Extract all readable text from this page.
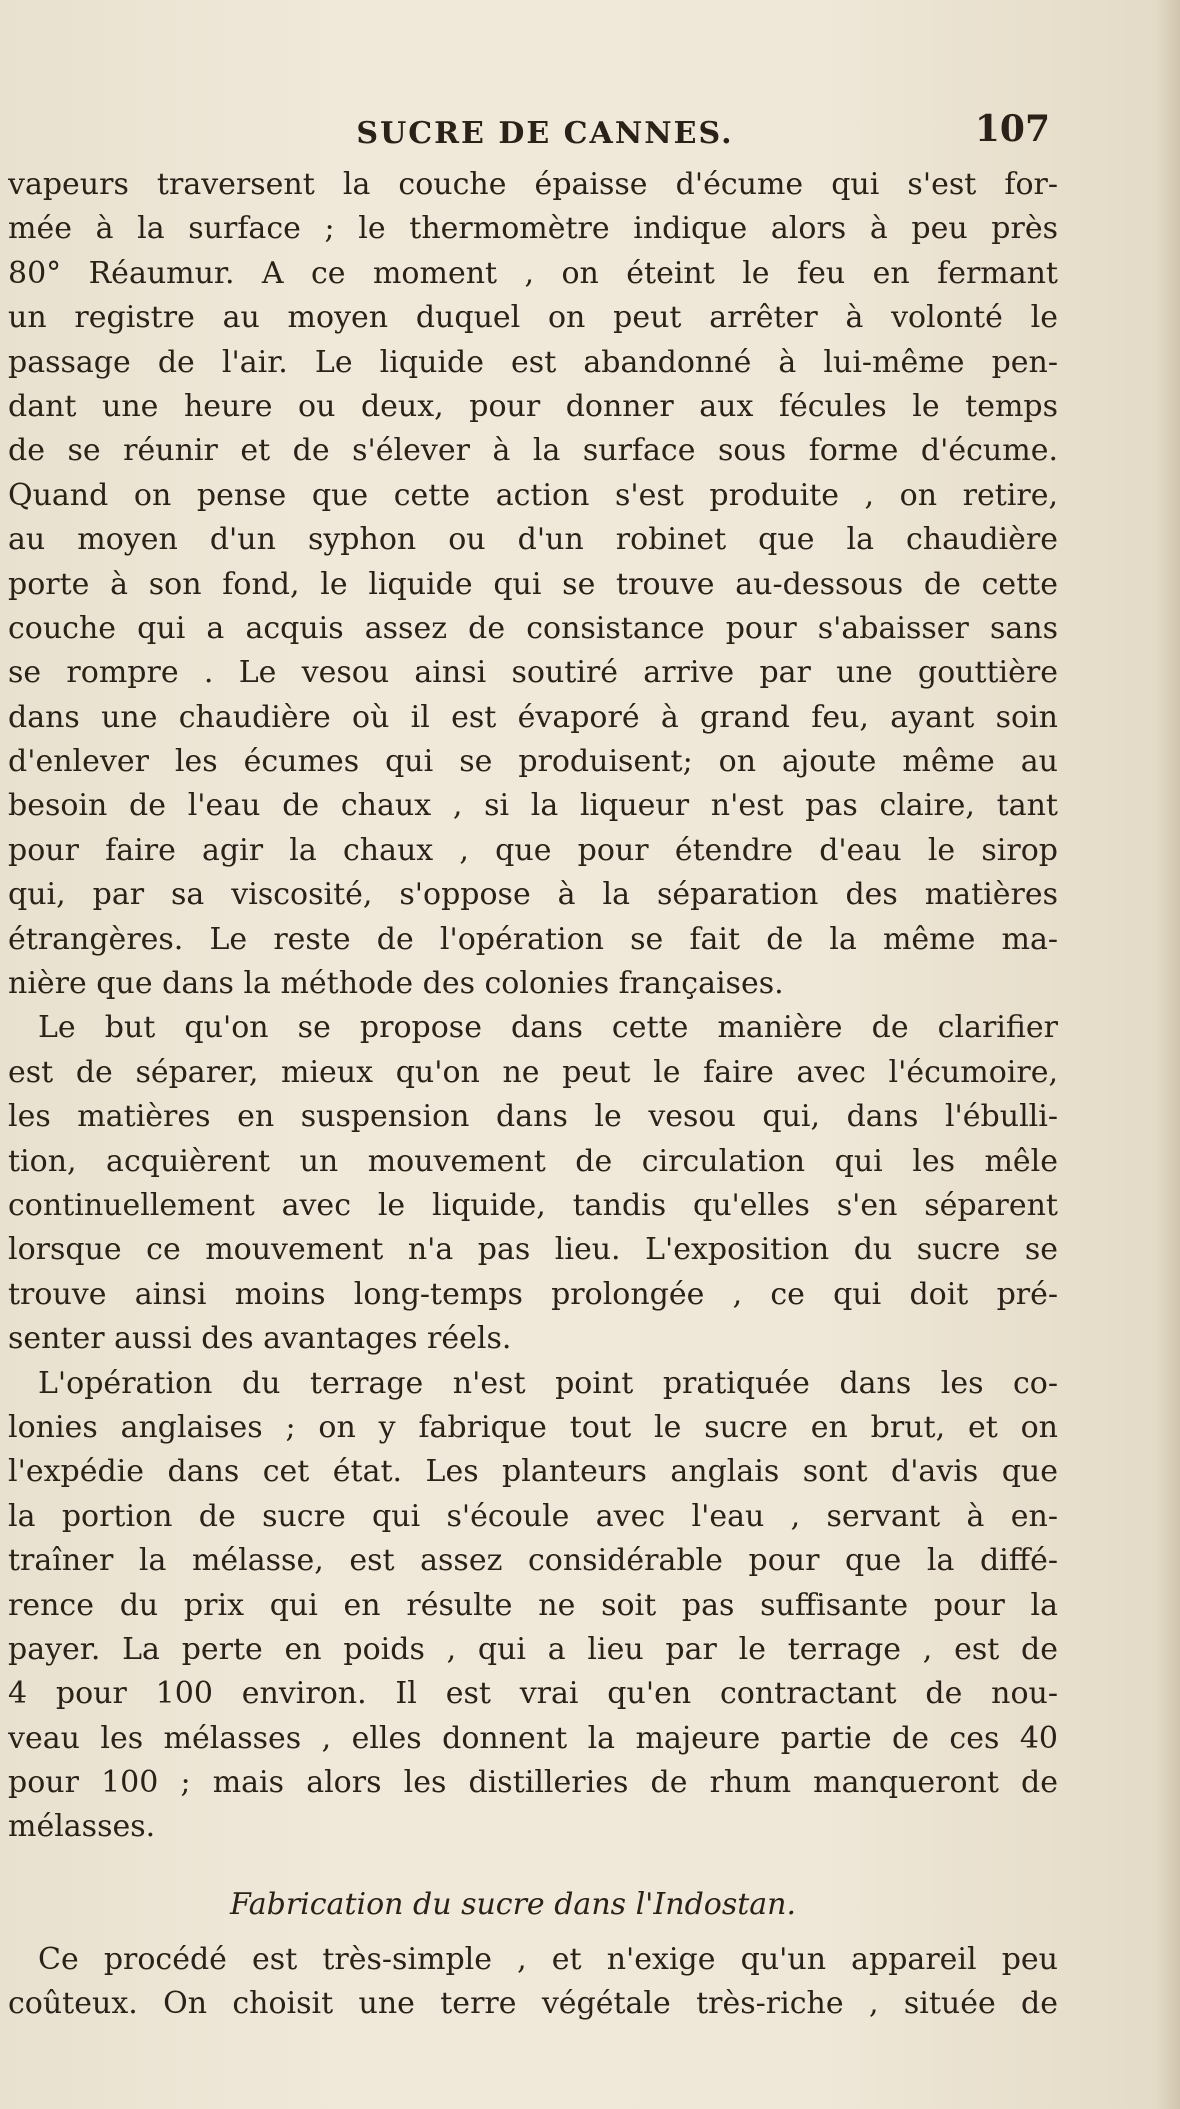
SUCRE DE CANNES.	107
vapeurs traversent la couche épaisse d'écume qui s'est for-
mée à la surface ; le thermomètre indique alors à peu près
80° Réaumur. A ce moment , on éteint le feu en fermant
un registre au moyen duquel on peut arrêter à volonté le
passage de l'air. Le liquide est abandonné à lui-même pen-
dant une heure ou deux, pour donner aux fécules le temps
de se réunir et de s'élever à la surface sous forme d'écume.
Quand on pense que cette action s'est produite , on retire,
au moyen d'un syphon ou d'un robinet que la chaudière
porte à son fond, le liquide qui se trouve au-dessous de cette
couche qui a acquis assez de consistance pour s'abaisser sans
se rompre . Le vesou ainsi soutiré arrive par une gouttière
dans une chaudière où il est évaporé à grand feu, ayant soin
d'enlever les écumes qui se produisent; on ajoute même au
besoin de l'eau de chaux , si la liqueur n'est pas claire, tant
pour faire agir la chaux , que pour étendre d'eau le sirop
qui, par sa viscosité, s'oppose à la séparation des matières
étrangères. Le reste de l'opération se fait de la même ma-
nière que dans la méthode des colonies françaises.
Le but qu'on se propose dans cette manière de clarifier
est de séparer, mieux qu'on ne peut le faire avec l'écumoire,
les matières en suspension dans le vesou qui, dans l'ébulli-
tion, acquièrent un mouvement de circulation qui les mêle
continuellement avec le liquide, tandis qu'elles s'en séparent
lorsque ce mouvement n'a pas lieu. L'exposition du sucre se
trouve ainsi moins long-temps prolongée , ce qui doit pré-
senter aussi des avantages réels.
L'opération du terrage n'est point pratiquée dans les co-
lonies anglaises ; on y fabrique tout le sucre en brut, et on
l'expédie dans cet état. Les planteurs anglais sont d'avis que
la portion de sucre qui s'écoule avec l'eau , servant à en-
traîner la mélasse, est assez considérable pour que la diffé-
rence du prix qui en résulte ne soit pas suffisante pour la
payer. La perte en poids , qui a lieu par le terrage , est de
4 pour 100 environ. Il est vrai qu'en contractant de nou-
veau les mélasses , elles donnent la majeure partie de ces 40
pour 100 ; mais alors les distilleries de rhum manqueront de
mélasses.
Fabrication du sucre dans l'Indostan.
Ce procédé est très-simple , et n'exige qu'un appareil peu
coûteux. On choisit une terre végétale très-riche , située de
